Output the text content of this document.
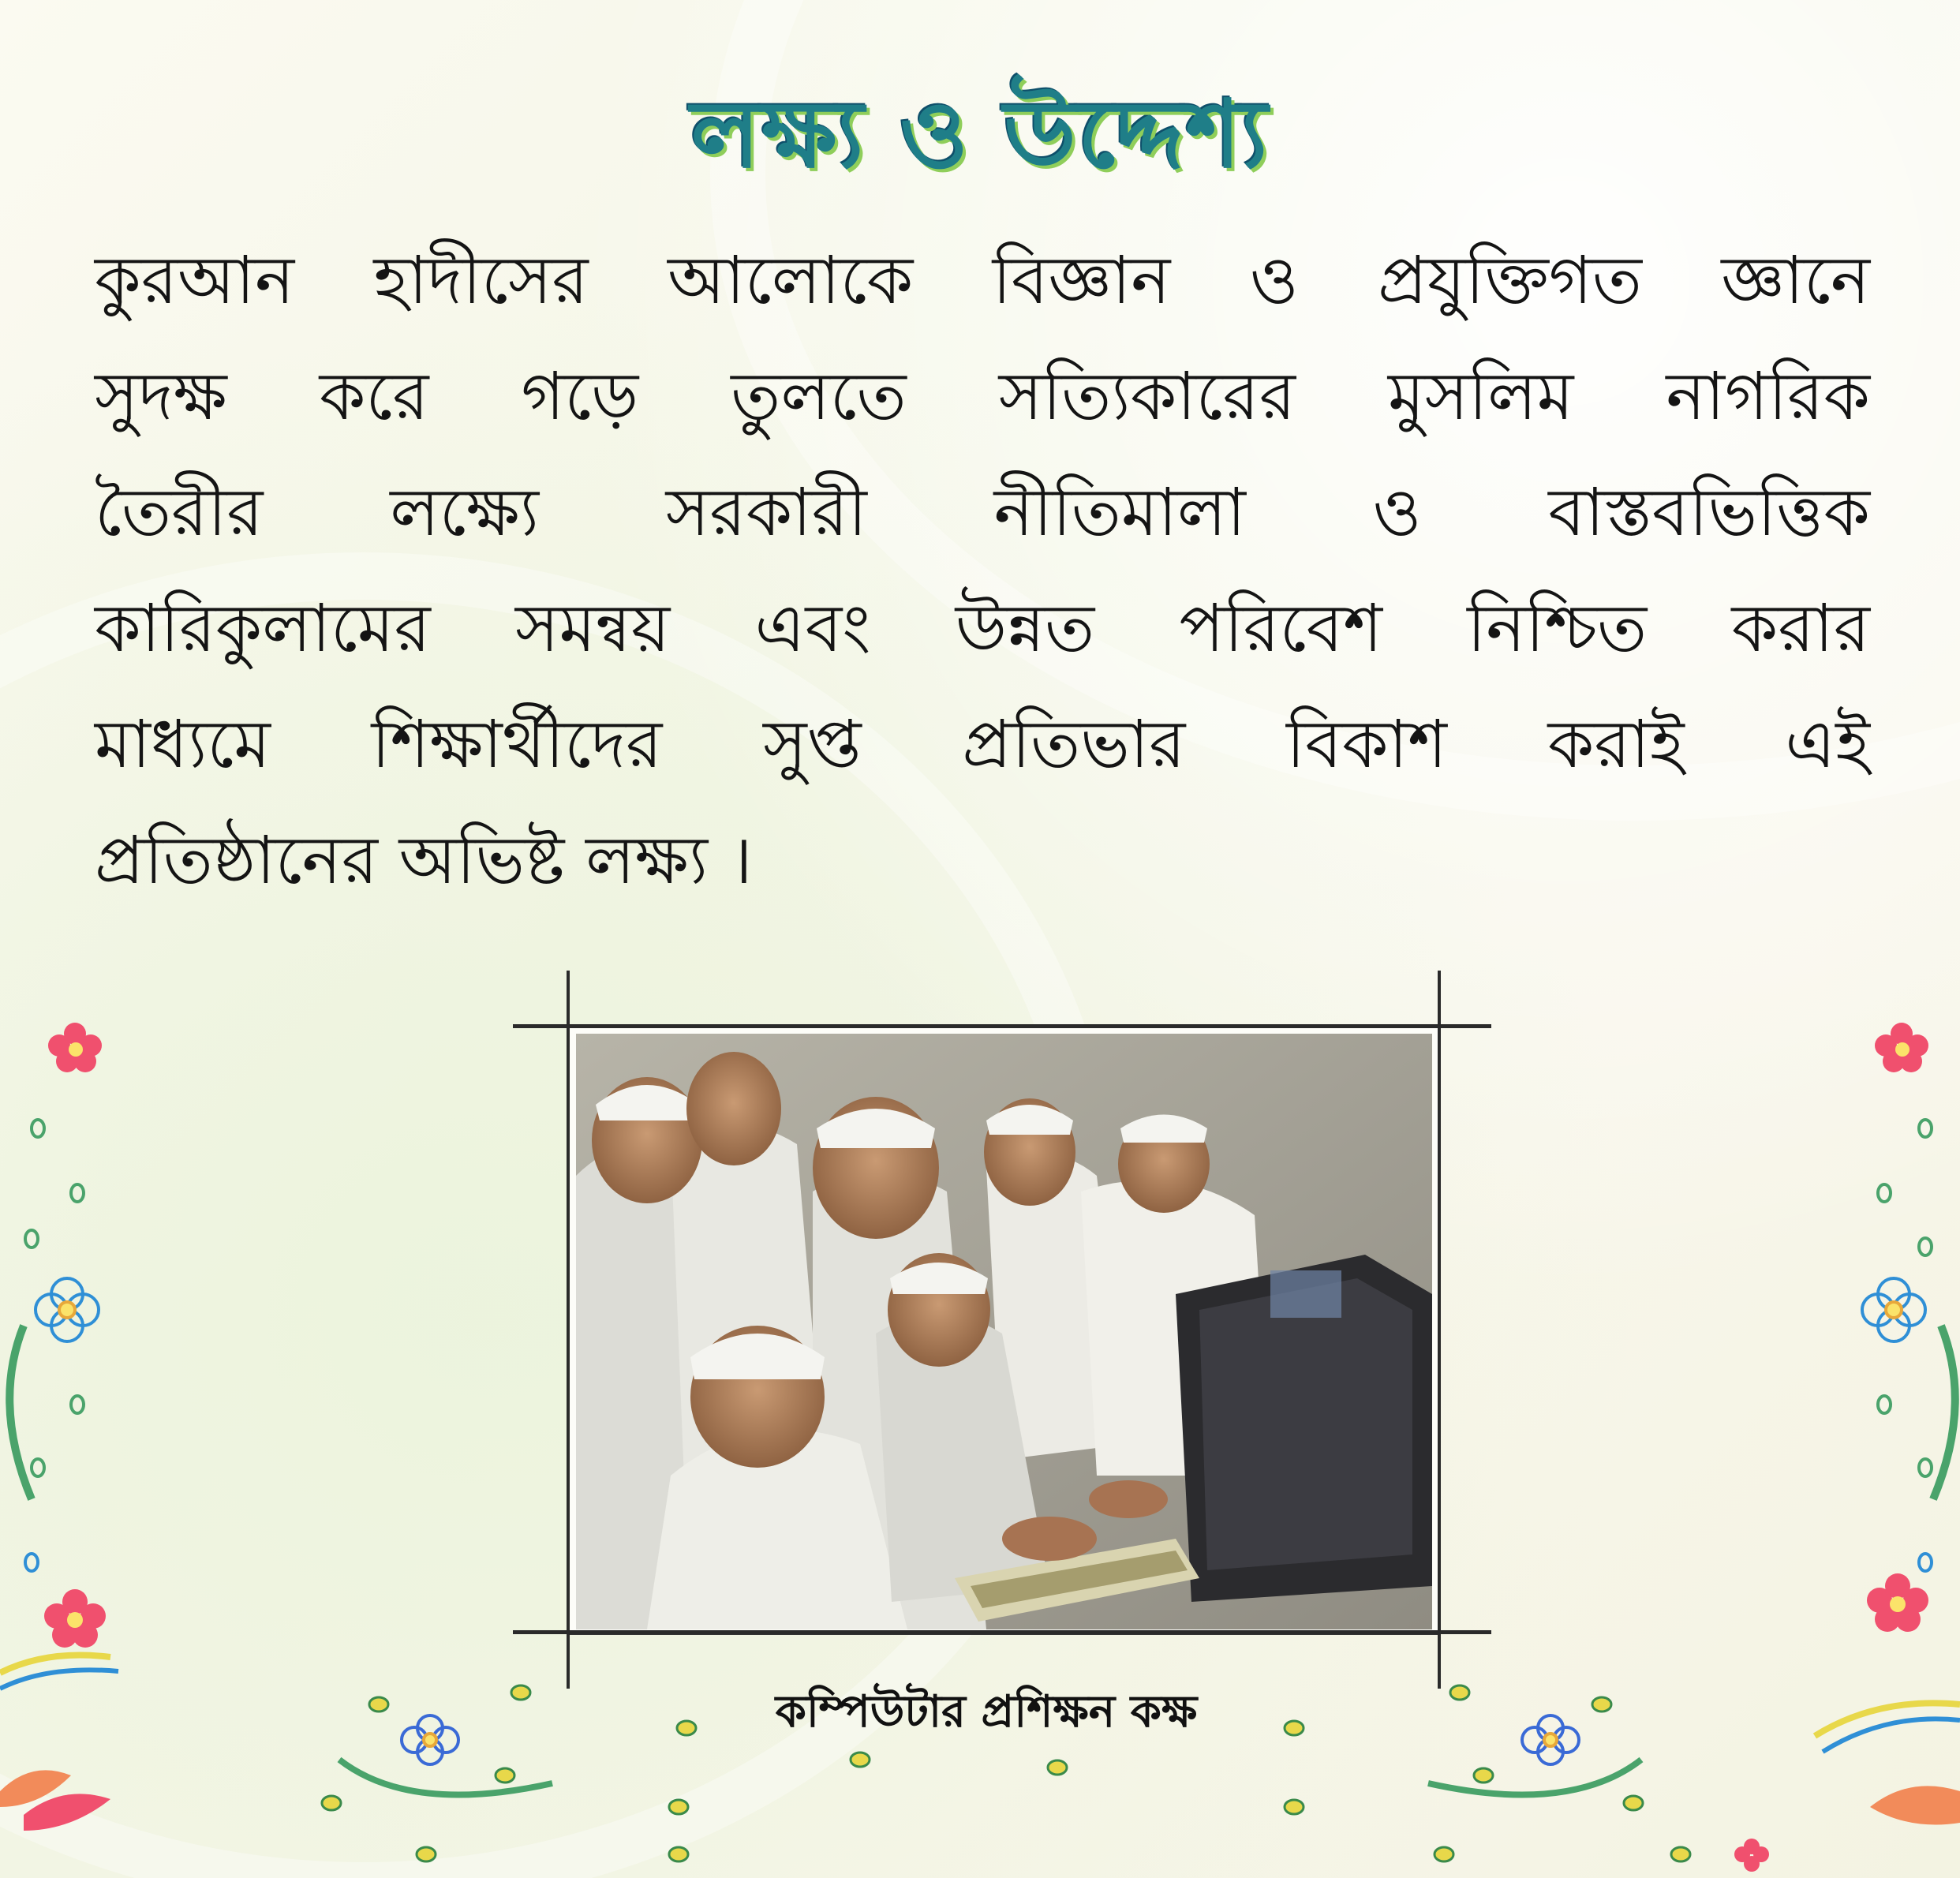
লক্ষ্য ও উদ্দেশ্য
কুরআন হাদীসের আলোকে বিজ্ঞান ও প্রযুক্তিগত জ্ঞানে
সুদক্ষ করে গড়ে তুলতে সত্যিকারের মুসলিম নাগরিক
তৈরীর লক্ষ্যে সরকারী নীতিমালা ও বাস্তবভিত্তিক
কারিকুলামের সমন্বয় এবং উন্নত পরিবেশ নিশ্চিত করার
মাধ্যমে শিক্ষার্থীদের সুপ্ত প্রতিভার বিকাশ করাই এই
প্রতিষ্ঠানের অভিষ্ট লক্ষ্য ।
কম্পিউটার প্রশিক্ষন কক্ষ
